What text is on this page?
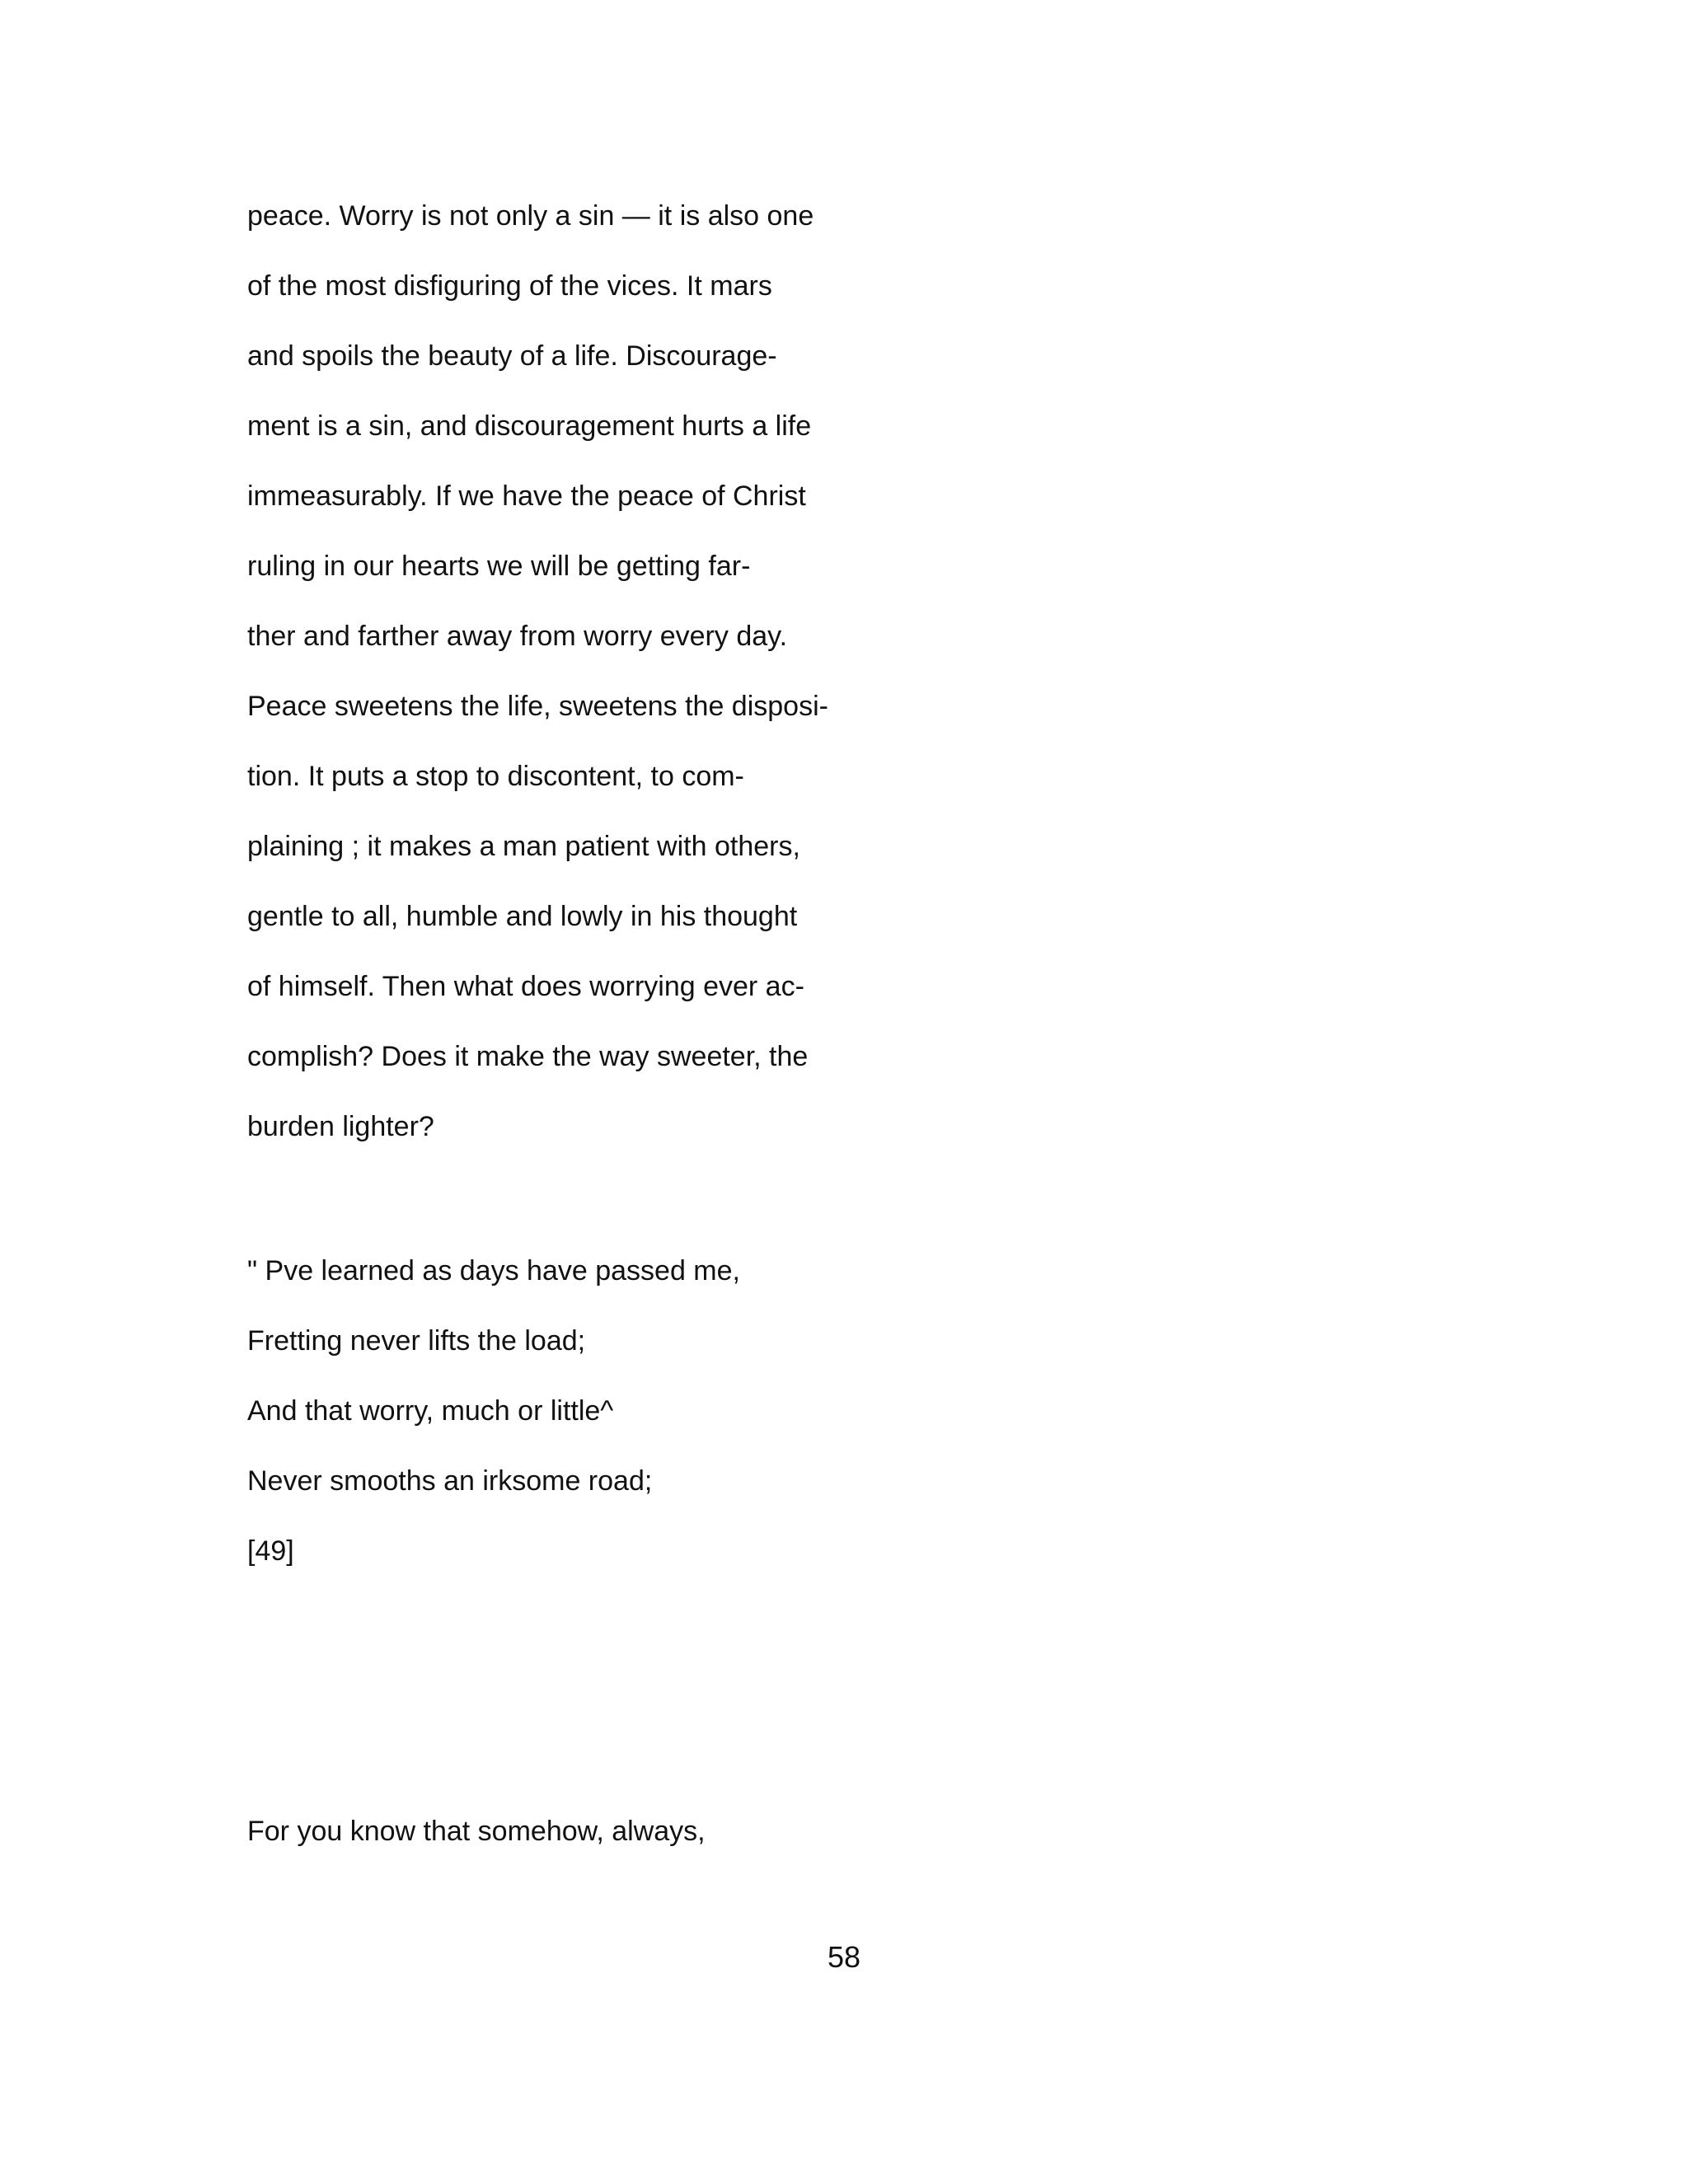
peace. Worry is not only a sin — it is also one

of the most disfiguring of the vices. It mars

and spoils the beauty of a life. Discourage-

ment is a sin, and discouragement hurts a life

immeasurably. If we have the peace of Christ

ruling in our hearts we will be getting far-

ther and farther away from worry every day.

Peace sweetens the life, sweetens the disposi-

tion. It puts a stop to discontent, to com-

plaining ; it makes a man patient with others,

gentle to all, humble and lowly in his thought

of himself. Then what does worrying ever ac-

complish? Does it make the way sweeter, the

burden lighter?

" Pve learned as days have passed me,

Fretting never lifts the load;

And that worry, much or little^

Never smooths an irksome road;

[49]

For you know that somehow, always,

58
